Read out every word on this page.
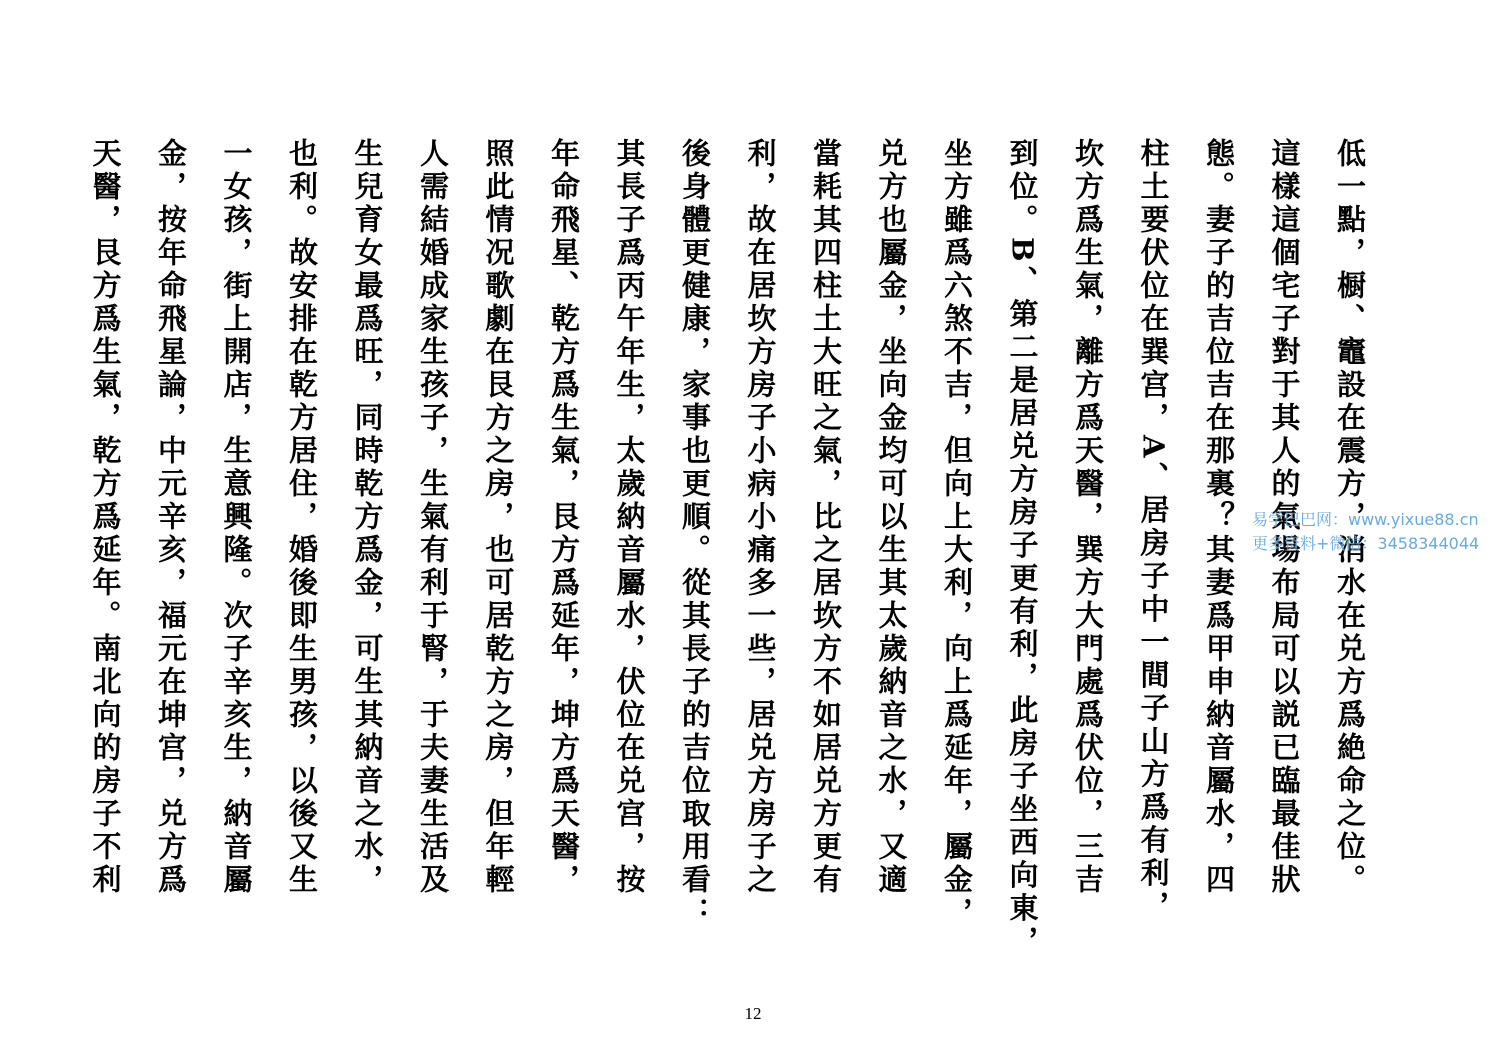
低一點，橱、竈設在震方，消水在兑方爲絶命之位。
這樣這個宅子對于其人的氣場布局可以説已臨最佳狀
態。妻子的吉位吉在那裏？其妻爲甲申納音屬水，四
柱土要伏位在巽宫，A、居房子中一間子山方爲有利，
坎方爲生氣，離方爲天醫，巽方大門處爲伏位，三吉
到位。B、第二是居兑方房子更有利，此房子坐西向東，
坐方雖爲六煞不吉，但向上大利，向上爲延年，屬金，
兑方也屬金，坐向金均可以生其太歲納音之水，又適
當耗其四柱土大旺之氣，比之居坎方不如居兑方更有
利，故在居坎方房子小病小痛多一些，居兑方房子之
後身體更健康，家事也更順。從其長子的吉位取用看：
其長子爲丙午年生，太歲納音屬水，伏位在兑宫，按
年命飛星、乾方爲生氣，艮方爲延年，坤方爲天醫，
照此情况歌劇在艮方之房，也可居乾方之房，但年輕
人需結婚成家生孩子，生氣有利于腎，于夫妻生活及
生兒育女最爲旺，同時乾方爲金，可生其納音之水，
也利。故安排在乾方居住，婚後即生男孩，以後又生
一女孩，街上開店，生意興隆。次子辛亥生，納音屬
金，按年命飛星論，中元辛亥，福元在坤宫，兑方爲
天醫，艮方爲生氣，乾方爲延年。南北向的房子不利	易学巴巴网：www.yixue88.cn
更多资料+微信：3458344044
12
